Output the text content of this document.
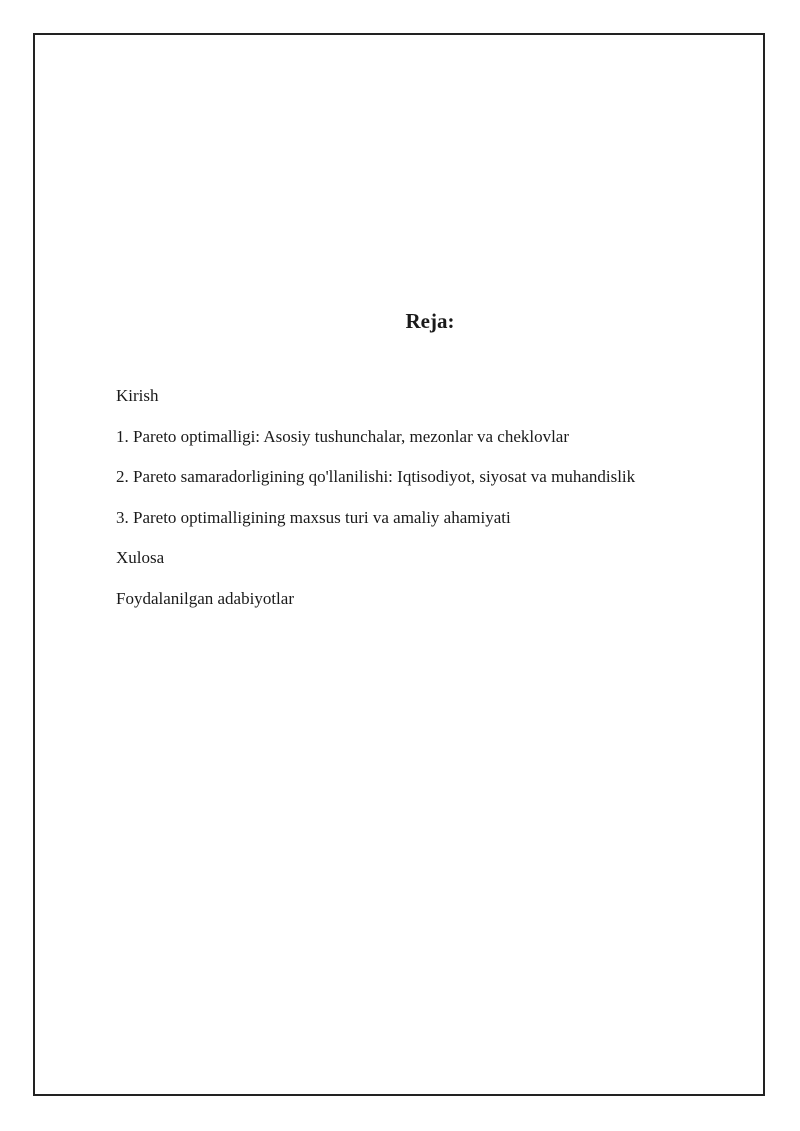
Reja:
Kirish
1. Pareto optimalligi: Asosiy tushunchalar, mezonlar va cheklovlar
2. Pareto samaradorligining qo'llanilishi: Iqtisodiyot, siyosat va muhandislik
3. Pareto optimalligining maxsus turi va amaliy ahamiyati
Xulosa
Foydalanilgan adabiyotlar
